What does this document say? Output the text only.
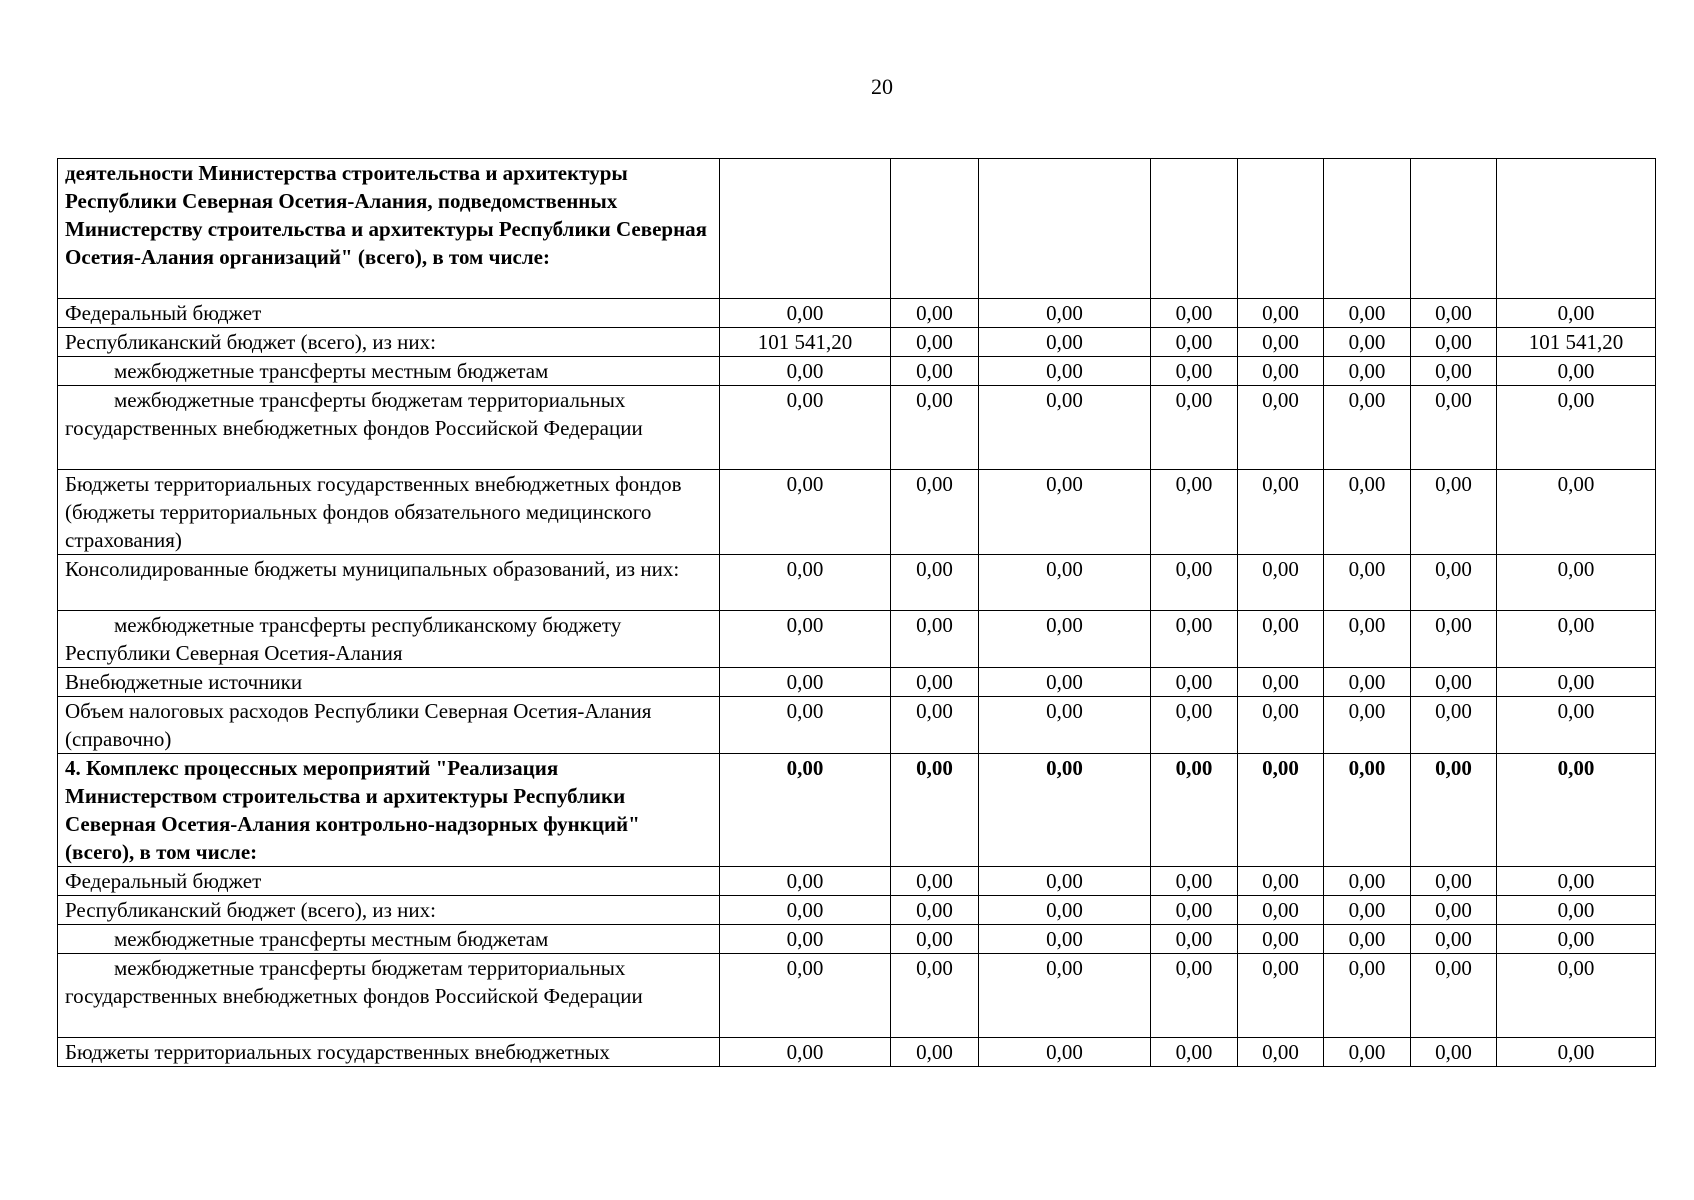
20
деятельности Министерства строительства и архитектуры Республики Северная Осетия-Алания, подведомственных Министерству строительства и архитектуры Республики Северная Осетия-Алания организаций" (всего), в том числе:								
Федеральный бюджет	0,00	0,00	0,00	0,00	0,00	0,00	0,00	0,00
Республиканский бюджет (всего), из них:	101 541,20	0,00	0,00	0,00	0,00	0,00	0,00	101 541,20
межбюджетные трансферты местным бюджетам	0,00	0,00	0,00	0,00	0,00	0,00	0,00	0,00
межбюджетные трансферты бюджетам территориальных государственных внебюджетных фондов Российской Федерации	0,00	0,00	0,00	0,00	0,00	0,00	0,00	0,00
Бюджеты территориальных государственных внебюджетных фондов (бюджеты территориальных фондов обязательного медицинского страхования)	0,00	0,00	0,00	0,00	0,00	0,00	0,00	0,00
Консолидированные бюджеты муниципальных образований, из них:	0,00	0,00	0,00	0,00	0,00	0,00	0,00	0,00
межбюджетные трансферты республиканскому бюджету Республики Северная Осетия-Алания	0,00	0,00	0,00	0,00	0,00	0,00	0,00	0,00
Внебюджетные источники	0,00	0,00	0,00	0,00	0,00	0,00	0,00	0,00
Объем налоговых расходов Республики Северная Осетия-Алания (справочно)	0,00	0,00	0,00	0,00	0,00	0,00	0,00	0,00
4. Комплекс процессных мероприятий "Реализация Министерством строительства и архитектуры Республики Северная Осетия-Алания контрольно-надзорных функций" (всего), в том числе:	0,00	0,00	0,00	0,00	0,00	0,00	0,00	0,00
Федеральный бюджет	0,00	0,00	0,00	0,00	0,00	0,00	0,00	0,00
Республиканский бюджет (всего), из них:	0,00	0,00	0,00	0,00	0,00	0,00	0,00	0,00
межбюджетные трансферты местным бюджетам	0,00	0,00	0,00	0,00	0,00	0,00	0,00	0,00
межбюджетные трансферты бюджетам территориальных государственных внебюджетных фондов Российской Федерации	0,00	0,00	0,00	0,00	0,00	0,00	0,00	0,00
Бюджеты территориальных государственных внебюджетных	0,00	0,00	0,00	0,00	0,00	0,00	0,00	0,00
